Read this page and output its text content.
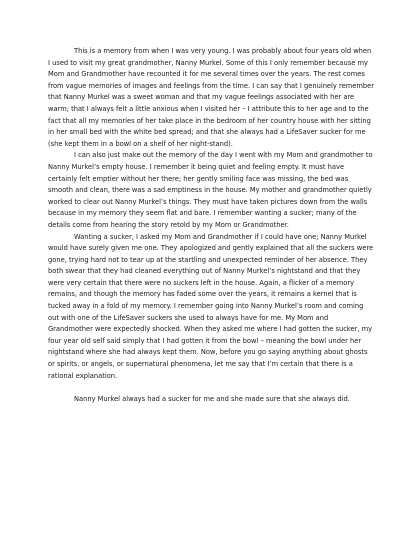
This is a memory from when I was very young. I was probably about four years old when I used to visit my great grandmother, Nanny Murkel. Some of this I only remember because my Mom and Grandmother have recounted it for me several times over the years. The rest comes from vague memories of images and feelings from the time. I can say that I genuinely remember that Nanny Murkel was a sweet woman and that my vague feelings associated with her are warm; that I always felt a little anxious when I visited her – I attribute this to her age and to the fact that all my memories of her take place in the bedroom of her country house with her sitting in her small bed with the white bed spread; and that she always had a LifeSaver sucker for me (she kept them in a bowl on a shelf of her night-stand).

I can also just make out the memory of the day I went with my Mom and grandmother to Nanny Murkel’s empty house. I remember it being quiet and feeling empty. It must have certainly felt emptier without her there; her gently smiling face was missing, the bed was smooth and clean, there was a sad emptiness in the house. My mother and grandmother quietly worked to clear out Nanny Murkel’s things. They must have taken pictures down from the walls because in my memory they seem flat and bare. I remember wanting a sucker; many of the details come from hearing the story retold by my Mom or Grandmother.

Wanting a sucker, I asked my Mom and Grandmother if I could have one; Nanny Murkel would have surely given me one. They apologized and gently explained that all the suckers were gone, trying hard not to tear up at the startling and unexpected reminder of her absence. They both swear that they had cleaned everything out of Nanny Murkel’s nightstand and that they were very certain that there were no suckers left in the house. Again, a flicker of a memory remains, and though the memory has faded some over the years, it remains a kernel that is tucked away in a fold of my memory. I remember going into Nanny Murkel’s room and coming out with one of the LifeSaver suckers she used to always have for me. My Mom and Grandmother were expectedly shocked. When they asked me where I had gotten the sucker, my four year old self said simply that I had gotten it from the bowl – meaning the bowl under her nightstand where she had always kept them. Now, before you go saying anything about ghosts or spirits, or angels, or supernatural phenomena, let me say that I’m certain that there is a rational explanation.

Nanny Murkel always had a sucker for me and she made sure that she always did.
